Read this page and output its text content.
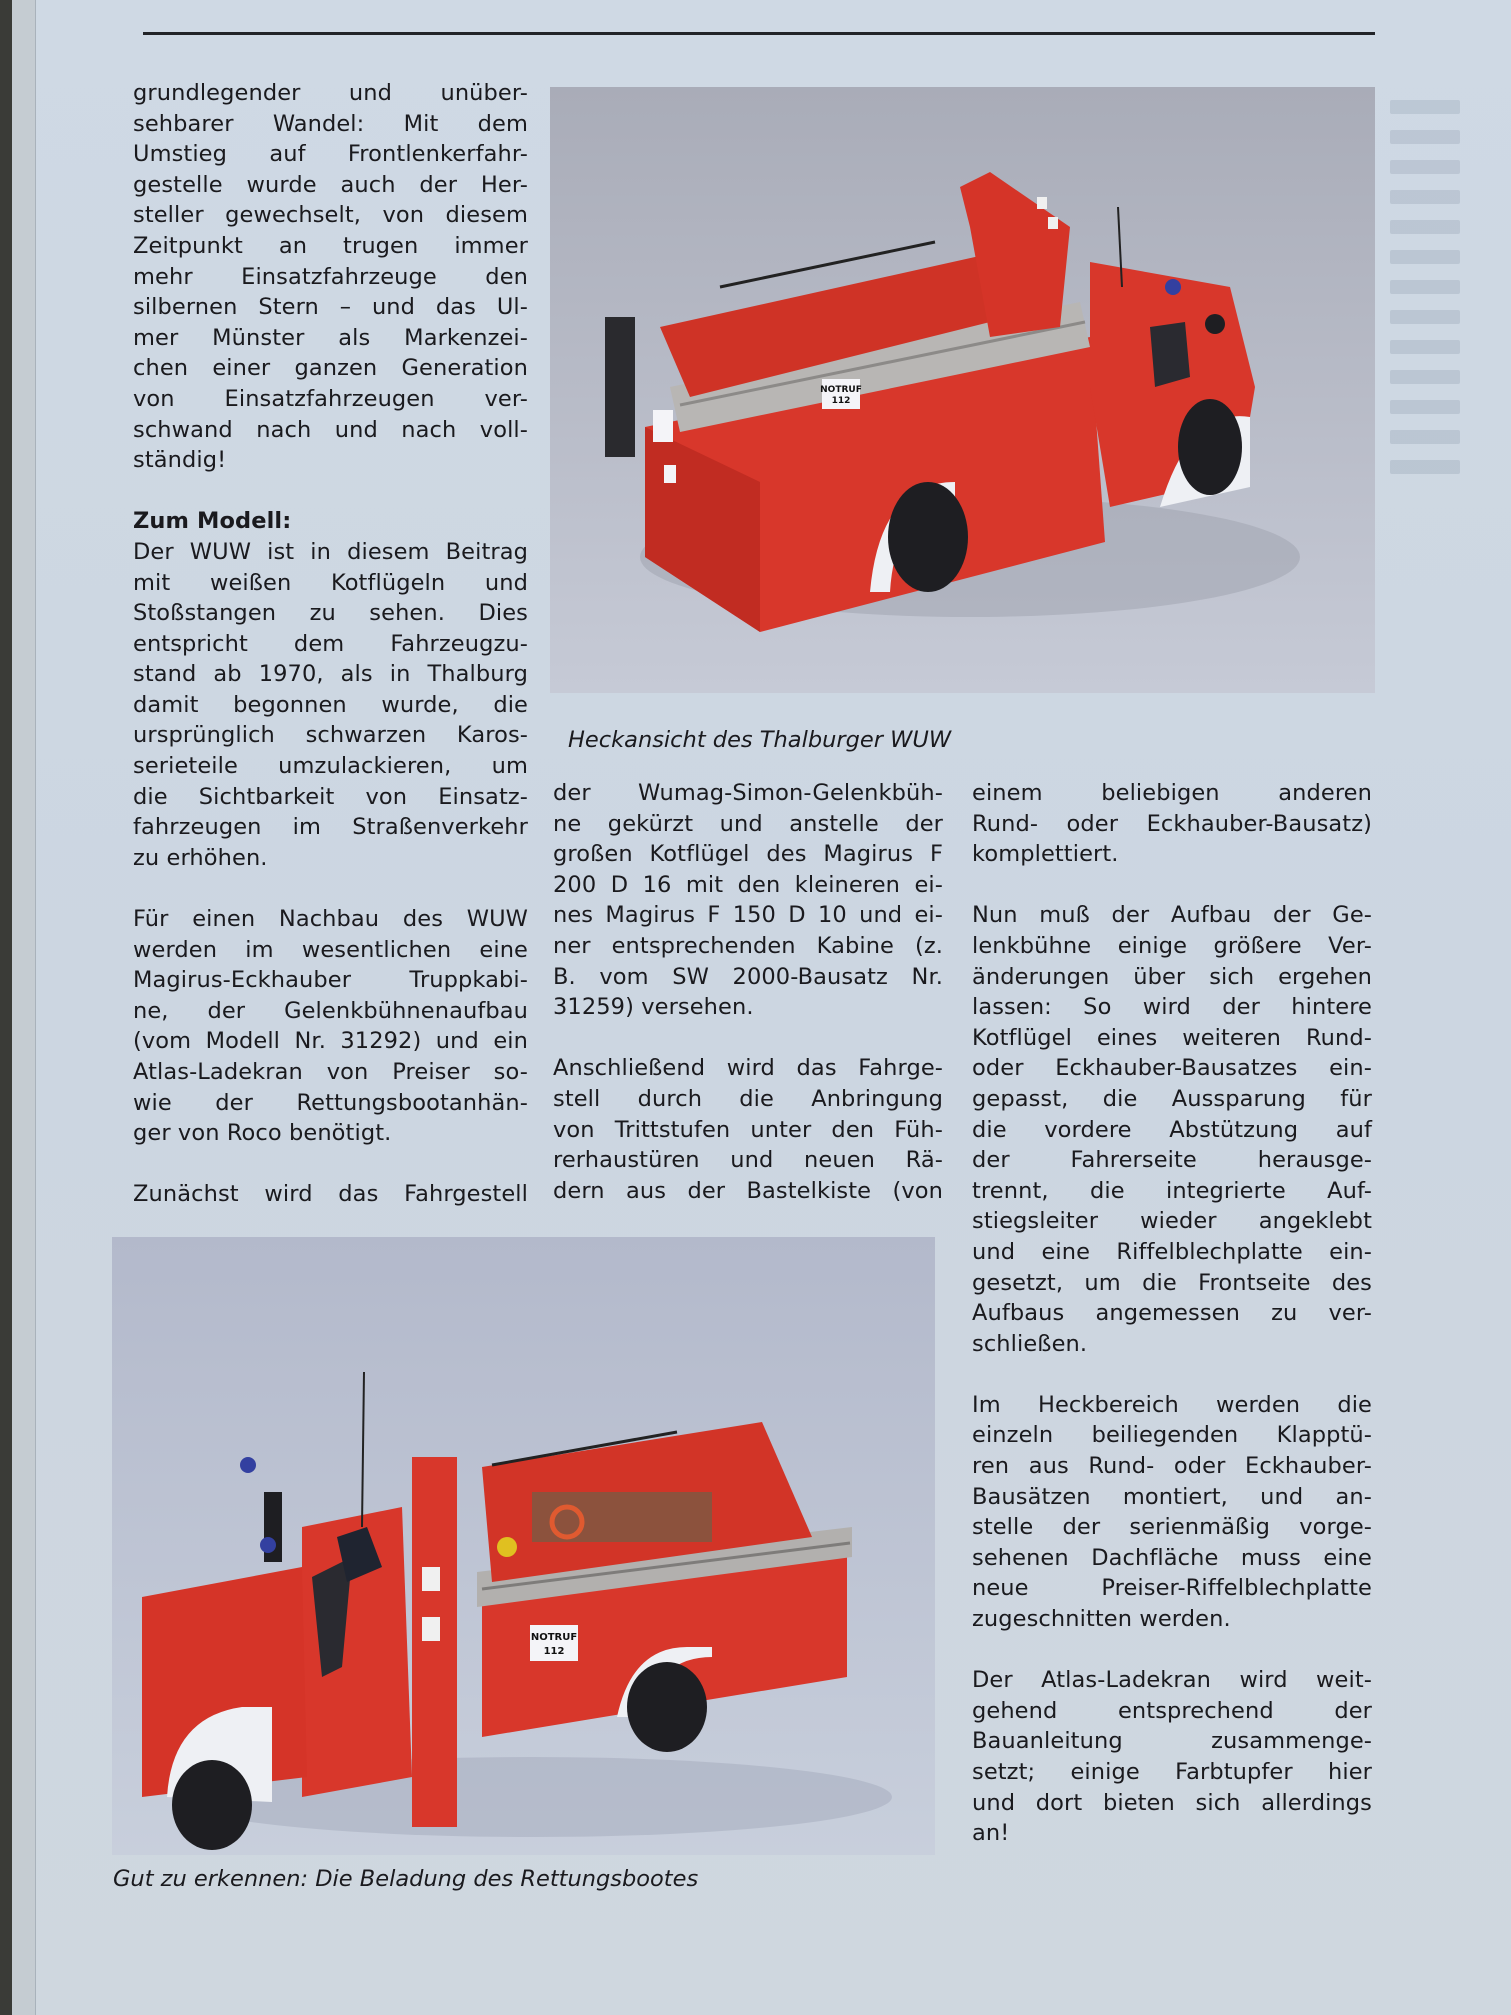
grundlegender und unüber-
sehbarer Wandel: Mit dem
Umstieg auf Frontlenkerfahr-
gestelle wurde auch der Her-
steller gewechselt, von diesem
Zeitpunkt an trugen immer
mehr Einsatzfahrzeuge den
silbernen Stern – und das Ul-
mer Münster als Markenzei-
chen einer ganzen Generation
von Einsatzfahrzeugen ver-
schwand nach und nach voll-
ständig!

Zum Modell:
Der WUW ist in diesem Beitrag
mit weißen Kotflügeln und
Stoßstangen zu sehen. Dies
entspricht dem Fahrzeugzu-
stand ab 1970, als in Thalburg
damit begonnen wurde, die
ursprünglich schwarzen Karos-
serieteile umzulackieren, um
die Sichtbarkeit von Einsatz-
fahrzeugen im Straßenverkehr
zu erhöhen.

Für einen Nachbau des WUW
werden im wesentlichen eine
Magirus-Eckhauber Truppkabi-
ne, der Gelenkbühnenaufbau
(vom Modell Nr. 31292) und ein
Atlas-Ladekran von Preiser so-
wie der Rettungsbootanhän-
ger von Roco benötigt.

Zunächst wird das Fahrgestell

NOTRUF
112
Heckansicht des Thalburger WUW

der Wumag-Simon-Gelenkbüh-
ne gekürzt und anstelle der
großen Kotflügel des Magirus F
200 D 16 mit den kleineren ei-
nes Magirus F 150 D 10 und ei-
ner entsprechenden Kabine (z.
B. vom SW 2000-Bausatz Nr.
31259) versehen.

Anschließend wird das Fahrge-
stell durch die Anbringung
von Trittstufen unter den Füh-
rerhaustüren und neuen Rä-
dern aus der Bastelkiste (von

einem beliebigen anderen
Rund- oder Eckhauber-Bausatz)
komplettiert.

Nun muß der Aufbau der Ge-
lenkbühne einige größere Ver-
änderungen über sich ergehen
lassen: So wird der hintere
Kotflügel eines weiteren Rund-
oder Eckhauber-Bausatzes ein-
gepasst, die Aussparung für
die vordere Abstützung auf
der Fahrerseite herausge-
trennt, die integrierte Auf-
stiegsleiter wieder angeklebt
und eine Riffelblechplatte ein-
gesetzt, um die Frontseite des
Aufbaus angemessen zu ver-
schließen.

Im Heckbereich werden die
einzeln beiliegenden Klapptü-
ren aus Rund- oder Eckhauber-
Bausätzen montiert, und an-
stelle der serienmäßig vorge-
sehenen Dachfläche muss eine
neue Preiser-Riffelblechplatte
zugeschnitten werden.

Der Atlas-Ladekran wird weit-
gehend entsprechend der
Bauanleitung zusammenge-
setzt; einige Farbtupfer hier
und dort bieten sich allerdings
an!

NOTRUF
112
Gut zu erkennen: Die Beladung des Rettungsbootes
